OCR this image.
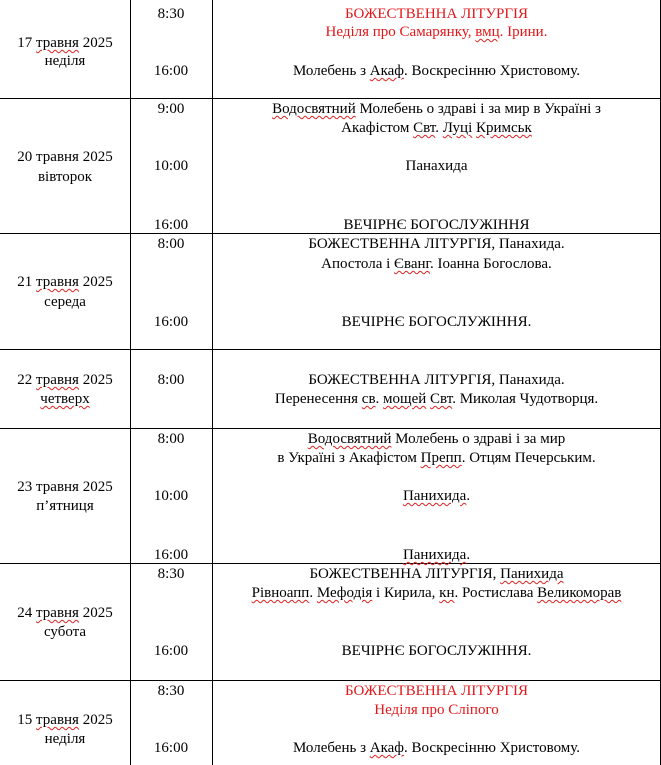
17 травня 2025
неділя
8:30
16:00
БОЖЕСТВЕННА ЛІТУРГІЯ
Неділя про Самарянку, вмц. Ірини.
Молебень з Акаф. Воскресінню Христовому.
20 травня 2025
вівторок
9:00
10:00
16:00
Водосвятний Молебень о здраві і за мир в Україні з
Акафістом Свт. Луці Кримськ
Панахида
ВЕЧІРНЄ БОГОСЛУЖІННЯ
21 травня 2025
середа
8:00
16:00
БОЖЕСТВЕННА ЛІТУРГІЯ, Панахида.
Апостола і Єванг. Іоанна Богослова.
ВЕЧІРНЄ БОГОСЛУЖІННЯ.
22 травня 2025
четверх
8:00	БОЖЕСТВЕННА ЛІТУРГІЯ, Панахида.
Перенесення св. мощей Свт. Миколая Чудотворця.
23 травня 2025
п’ятниця
8:00
10:00
16:00
Водосвятний Молебень о здраві і за мир
в Україні з Акафістом Препп. Отцям Печерським.
Панихида.
Панихида.
24 травня 2025
субота
8:30
16:00
БОЖЕСТВЕННА ЛІТУРГІЯ, Панихида
Рівноапп. Мефодія і Кирила, кн. Ростислава Великоморав
ВЕЧІРНЄ БОГОСЛУЖІННЯ.
15 травня 2025
неділя
8:30
16:00
БОЖЕСТВЕННА ЛІТУРГІЯ
Неділя про Сліпого
Молебень з Акаф. Воскресінню Христовому.
